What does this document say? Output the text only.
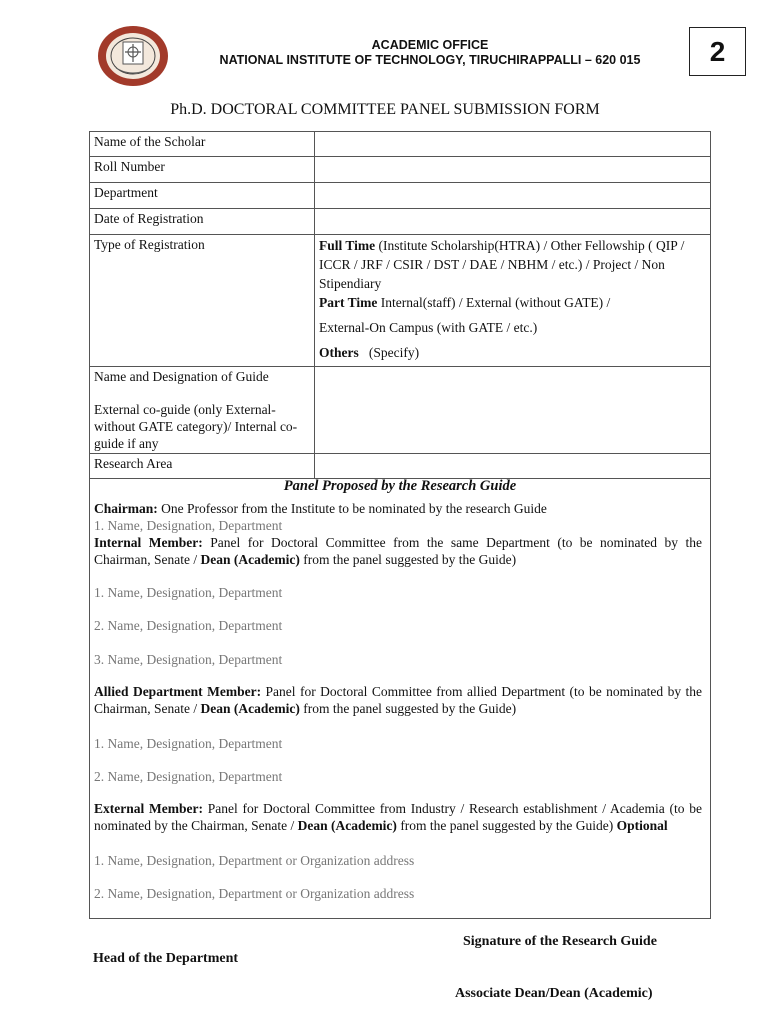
ACADEMIC OFFICE
NATIONAL INSTITUTE OF TECHNOLOGY, TIRUCHIRAPPALLI – 620 015	2
Ph.D. DOCTORAL COMMITTEE PANEL SUBMISSION FORM
Name of the Scholar	
Roll Number	
Department	
Date of Registration	
Type of Registration	Full Time (Institute Scholarship(HTRA) / Other Fellowship ( QIP / ICCR / JRF / CSIR / DST / DAE / NBHM / etc.) / Project / Non Stipendiary

Part Time Internal(staff) / External (without GATE) /

External-On Campus (with GATE / etc.)

Others (Specify)

Name and Designation of Guide
External co-guide (only External-without GATE category)/ Internal co-guide if any	

Research Area	
Panel Proposed by the Research Guide
Chairman: One Professor from the Institute to be nominated by the research Guide
1. Name, Designation, Department
Internal Member: Panel for Doctoral Committee from the same Department (to be nominated by the Chairman, Senate / Dean (Academic) from the panel suggested by the Guide)
1. Name, Designation, Department
2. Name, Designation, Department
3. Name, Designation, Department
Allied Department Member: Panel for Doctoral Committee from allied Department (to be nominated by the Chairman, Senate / Dean (Academic) from the panel suggested by the Guide)
1. Name, Designation, Department
2. Name, Designation, Department
External Member: Panel for Doctoral Committee from Industry / Research establishment / Academia (to be nominated by the Chairman, Senate / Dean (Academic) from the panel suggested by the Guide) Optional
1. Name, Designation, Department or Organization address
2. Name, Designation, Department or Organization address
Signature of the Research Guide
Head of the Department
Associate Dean/Dean (Academic)
